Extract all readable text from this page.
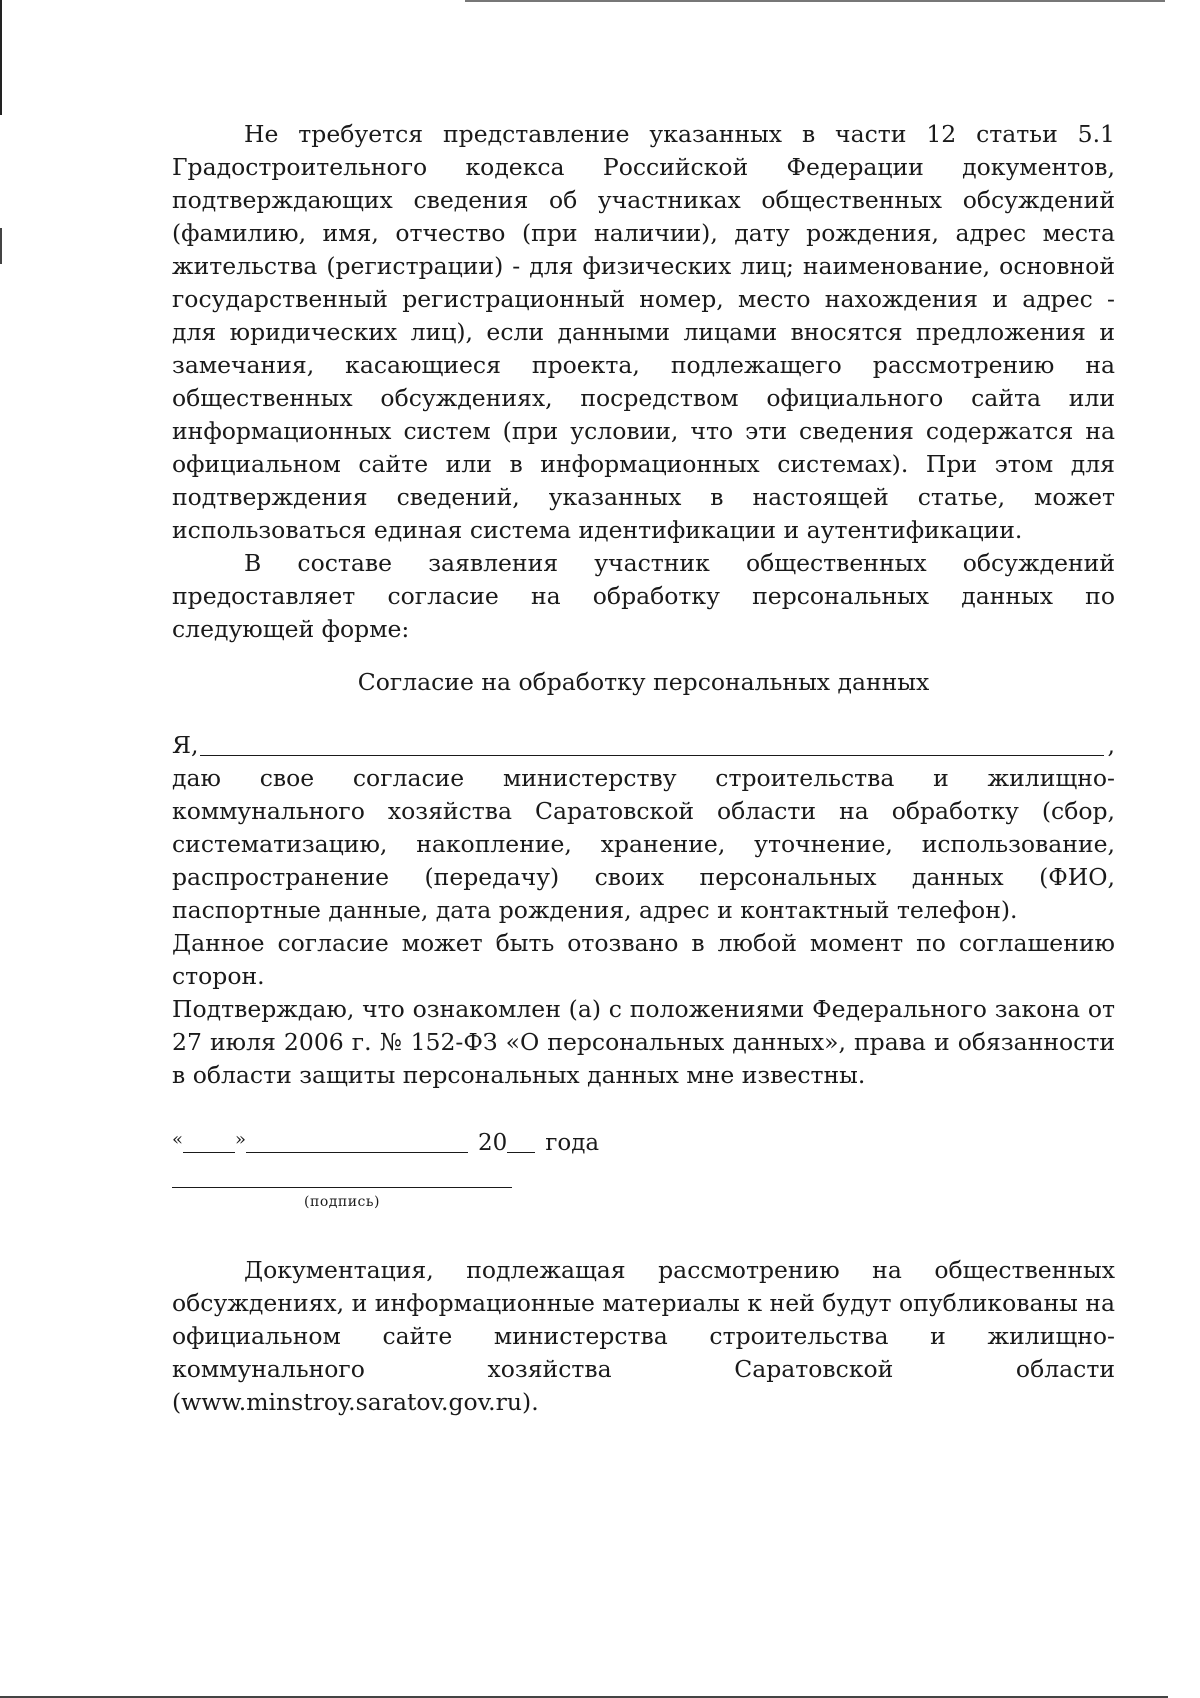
Не требуется представление указанных в части 12 статьи 5.1 Градостроительного кодекса Российской Федерации документов, подтверждающих сведения об участниках общественных обсуждений (фамилию, имя, отчество (при наличии), дату рождения, адрес места жительства (регистрации) - для физических лиц; наименование, основной государственный регистрационный номер, место нахождения и адрес - для юридических лиц), если данными лицами вносятся предложения и замечания, касающиеся проекта, подлежащего рассмотрению на общественных обсуждениях, посредством официального сайта или информационных систем (при условии, что эти сведения содержатся на официальном сайте или в информационных системах). При этом для подтверждения сведений, указанных в настоящей статье, может использоваться единая система идентификации и аутентификации.

В составе заявления участник общественных обсуждений предоставляет согласие на обработку персональных данных по следующей форме:

Согласие на обработку персональных данных

Я,	,

даю свое согласие министерству строительства и жилищно-коммунального хозяйства Саратовской области на обработку (сбор, систематизацию, накопление, хранение, уточнение, использование, распространение (передачу) своих персональных данных (ФИО, паспортные данные, дата рождения, адрес и контактный телефон).

Данное согласие может быть отозвано в любой момент по соглашению сторон.

Подтверждаю, что ознакомлен (а) с положениями Федерального закона от 27 июля 2006 г. № 152-ФЗ «О персональных данных», права и обязанности в области защиты персональных данных мне известны.

«	»	20 года
(подпись)

Документация, подлежащая рассмотрению на общественных обсуждениях, и информационные материалы к ней будут опубликованы на официальном сайте министерства строительства и жилищно-коммунального хозяйства Саратовской области (www.minstroy.saratov.gov.ru).
